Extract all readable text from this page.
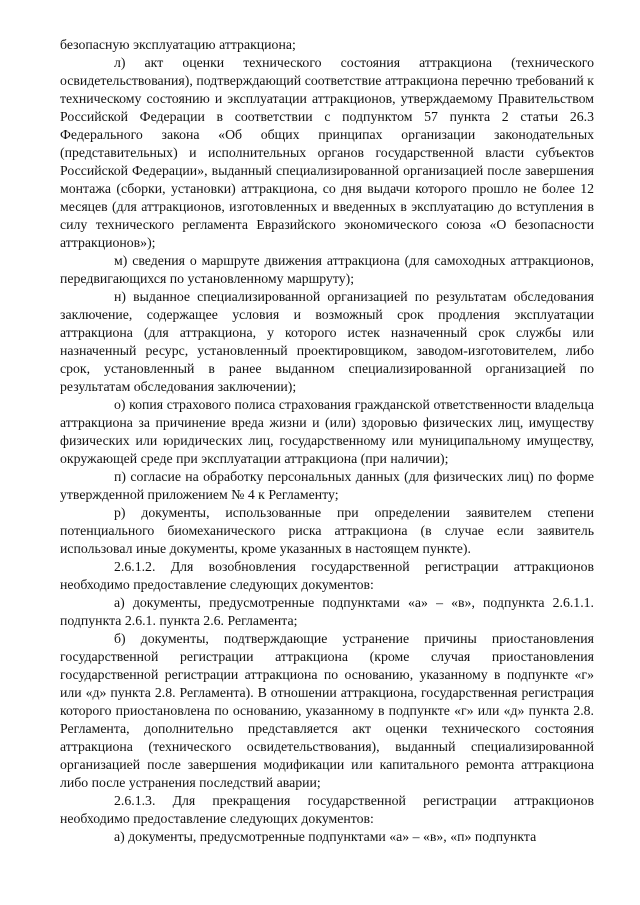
безопасную эксплуатацию аттракциона;

л) акт оценки технического состояния аттракциона (технического освидетельствования), подтверждающий соответствие аттракциона перечню требований к техническому состоянию и эксплуатации аттракционов, утверждаемому Правительством Российской Федерации в соответствии с подпунктом 57 пункта 2 статьи 26.3 Федерального закона «Об общих принципах организации законодательных (представительных) и исполнительных органов государственной власти субъектов Российской Федерации», выданный специализированной организацией после завершения монтажа (сборки, установки) аттракциона, со дня выдачи которого прошло не более 12 месяцев (для аттракционов, изготовленных и введенных в эксплуатацию до вступления в силу технического регламента Евразийского экономического союза «О безопасности аттракционов»);

м) сведения о маршруте движения аттракциона (для самоходных аттракционов, передвигающихся по установленному маршруту);

н) выданное специализированной организацией по результатам обследования заключение, содержащее условия и возможный срок продления эксплуатации аттракциона (для аттракциона, у которого истек назначенный срок службы или назначенный ресурс, установленный проектировщиком, заводом-изготовителем, либо срок, установленный в ранее выданном специализированной организацией по результатам обследования заключении);

о) копия страхового полиса страхования гражданской ответственности владельца аттракциона за причинение вреда жизни и (или) здоровью физических лиц, имуществу физических или юридических лиц, государственному или муниципальному имуществу, окружающей среде при эксплуатации аттракциона (при наличии);

п) согласие на обработку персональных данных (для физических лиц) по форме утвержденной приложением № 4 к Регламенту;

р) документы, использованные при определении заявителем степени потенциального биомеханического риска аттракциона (в случае если заявитель использовал иные документы, кроме указанных в настоящем пункте).

2.6.1.2. Для возобновления государственной регистрации аттракционов необходимо предоставление следующих документов:

а) документы, предусмотренные подпунктами «а» – «в», подпункта 2.6.1.1. подпункта 2.6.1. пункта 2.6. Регламента;

б) документы, подтверждающие устранение причины приостановления государственной регистрации аттракциона (кроме случая приостановления государственной регистрации аттракциона по основанию, указанному в подпункте «г» или «д» пункта 2.8. Регламента). В отношении аттракциона, государственная регистрация которого приостановлена по основанию, указанному в подпункте «г» или «д» пункта 2.8. Регламента, дополнительно представляется акт оценки технического состояния аттракциона (технического освидетельствования), выданный специализированной организацией после завершения модификации или капитального ремонта аттракциона либо после устранения последствий аварии;

2.6.1.3. Для прекращения государственной регистрации аттракционов необходимо предоставление следующих документов:

а) документы, предусмотренные подпунктами «а» – «в», «п» подпункта
